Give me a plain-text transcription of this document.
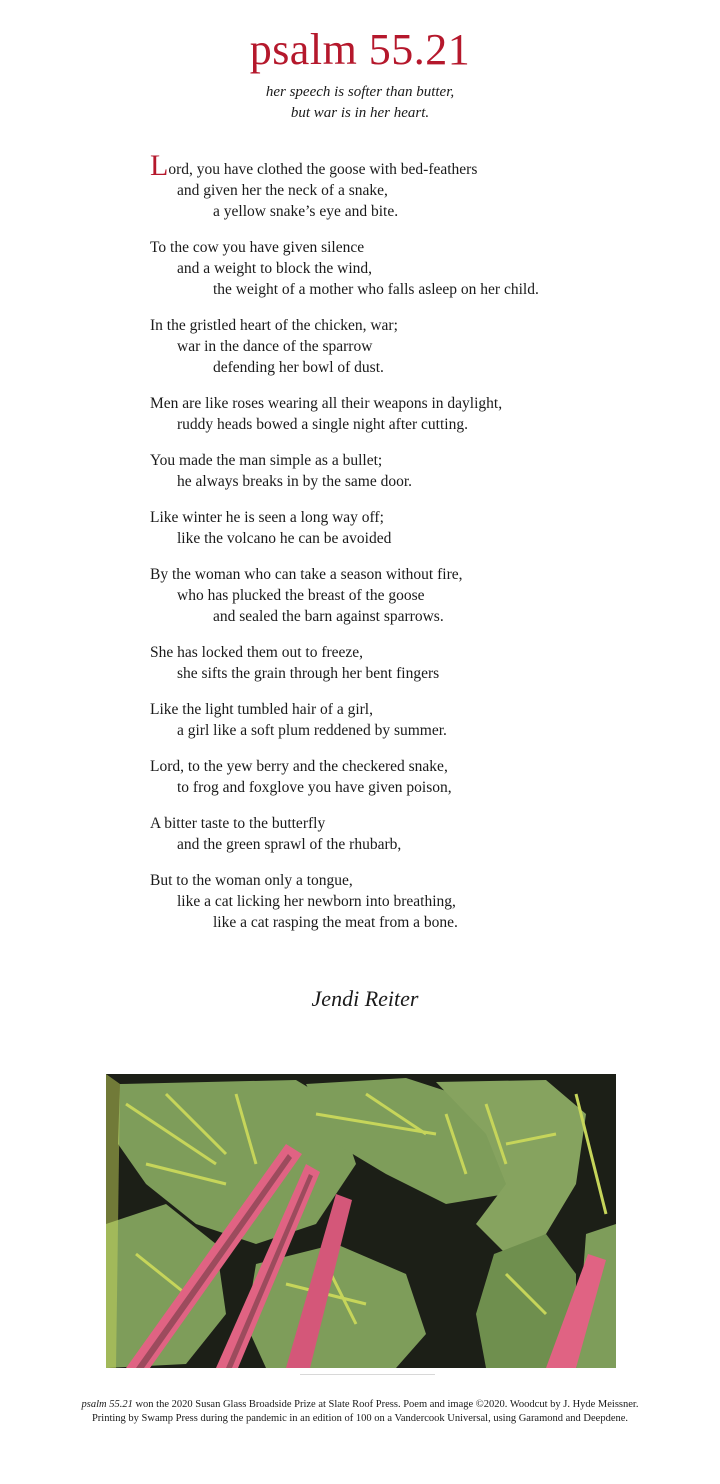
psalm 55.21
her speech is softer than butter,
but war is in her heart.
Lord, you have clothed the goose with bed-feathers
and given her the neck of a snake,
a yellow snake’s eye and bite.
To the cow you have given silence
and a weight to block the wind,
the weight of a mother who falls asleep on her child.
In the gristled heart of the chicken, war;
war in the dance of the sparrow
defending her bowl of dust.
Men are like roses wearing all their weapons in daylight,
ruddy heads bowed a single night after cutting.
You made the man simple as a bullet;
he always breaks in by the same door.
Like winter he is seen a long way off;
like the volcano he can be avoided
By the woman who can take a season without fire,
who has plucked the breast of the goose
and sealed the barn against sparrows.
She has locked them out to freeze,
she sifts the grain through her bent fingers
Like the light tumbled hair of a girl,
a girl like a soft plum reddened by summer.
Lord, to the yew berry and the checkered snake,
to frog and foxglove you have given poison,
A bitter taste to the butterfly
and the green sprawl of the rhubarb,
But to the woman only a tongue,
like a cat licking her newborn into breathing,
like a cat rasping the meat from a bone.
Jendi Reiter
psalm 55.21 won the 2020 Susan Glass Broadside Prize at Slate Roof Press. Poem and image ©2020. Woodcut by J. Hyde Meissner.
Printing by Swamp Press during the pandemic in an edition of 100 on a Vandercook Universal, using Garamond and Deepdene.
